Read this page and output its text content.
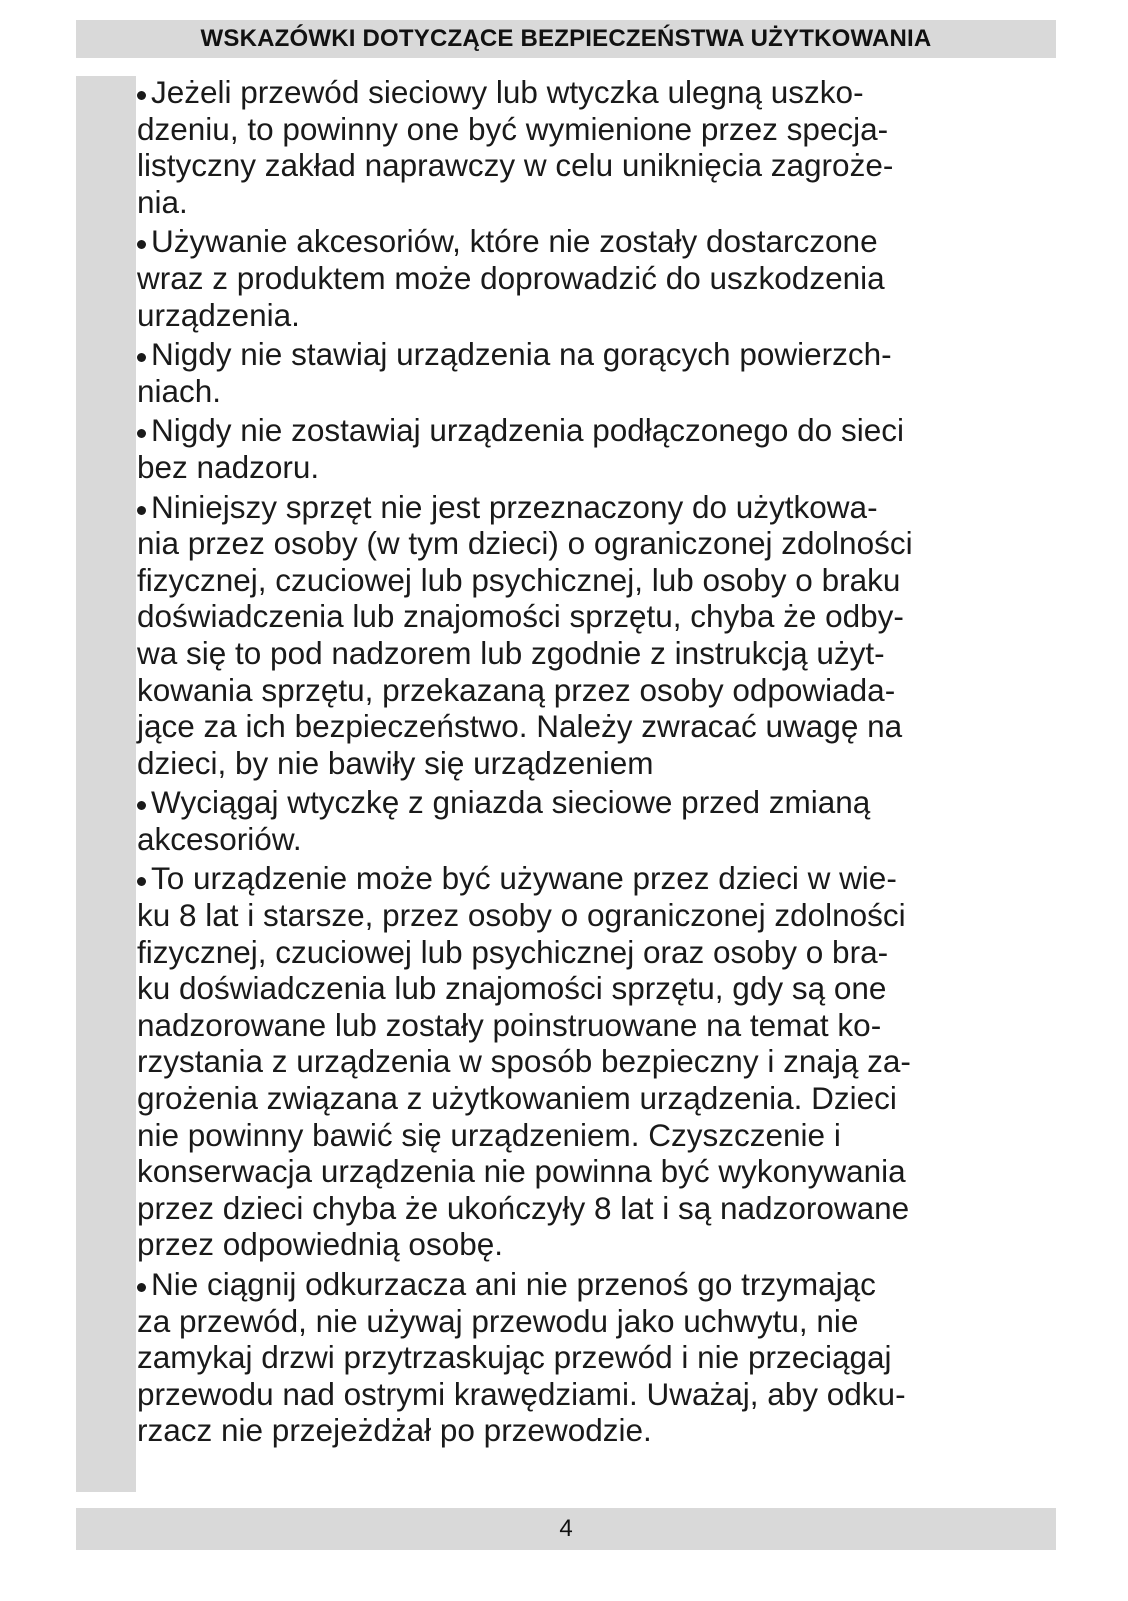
WSKAZÓWKI DOTYCZĄCE BEZPIECZEŃSTWA UŻYTKOWANIA
Jeżeli przewód sieciowy lub wtyczka ulegną uszko-
dzeniu, to powinny one być wymienione przez specja-
listyczny zakład naprawczy w celu uniknięcia zagroże-
nia.
Używanie akcesoriów, które nie zostały dostarczone
wraz z produktem może doprowadzić do uszkodzenia
urządzenia.
Nigdy nie stawiaj urządzenia na gorących powierzch-
niach.
Nigdy nie zostawiaj urządzenia podłączonego do sieci
bez nadzoru.
Niniejszy sprzęt nie jest przeznaczony do użytkowa-
nia przez osoby (w tym dzieci) o ograniczonej zdolności
fizycznej, czuciowej lub psychicznej, lub osoby o braku
doświadczenia lub znajomości sprzętu, chyba że odby-
wa się to pod nadzorem lub zgodnie z instrukcją użyt-
kowania sprzętu, przekazaną przez osoby odpowiada-
jące za ich bezpieczeństwo. Należy zwracać uwagę na
dzieci, by nie bawiły się urządzeniem
Wyciągaj wtyczkę z gniazda sieciowe przed zmianą
akcesoriów.
To urządzenie może być używane przez dzieci w wie-
ku 8 lat i starsze, przez osoby o ograniczonej zdolności
fizycznej, czuciowej lub psychicznej oraz osoby o bra-
ku doświadczenia lub znajomości sprzętu, gdy są one
nadzorowane lub zostały poinstruowane na temat ko-
rzystania z urządzenia w sposób bezpieczny i znają za-
grożenia związana z użytkowaniem urządzenia. Dzieci
nie powinny bawić się urządzeniem. Czyszczenie i
konserwacja urządzenia nie powinna być wykonywania
przez dzieci chyba że ukończyły 8 lat i są nadzorowane
przez odpowiednią osobę.
Nie ciągnij odkurzacza ani nie przenoś go trzymając
za przewód, nie używaj przewodu jako uchwytu, nie
zamykaj drzwi przytrzaskując przewód i nie przeciągaj
przewodu nad ostrymi krawędziami. Uważaj, aby odku-
rzacz nie przejeżdżał po przewodzie.
4
